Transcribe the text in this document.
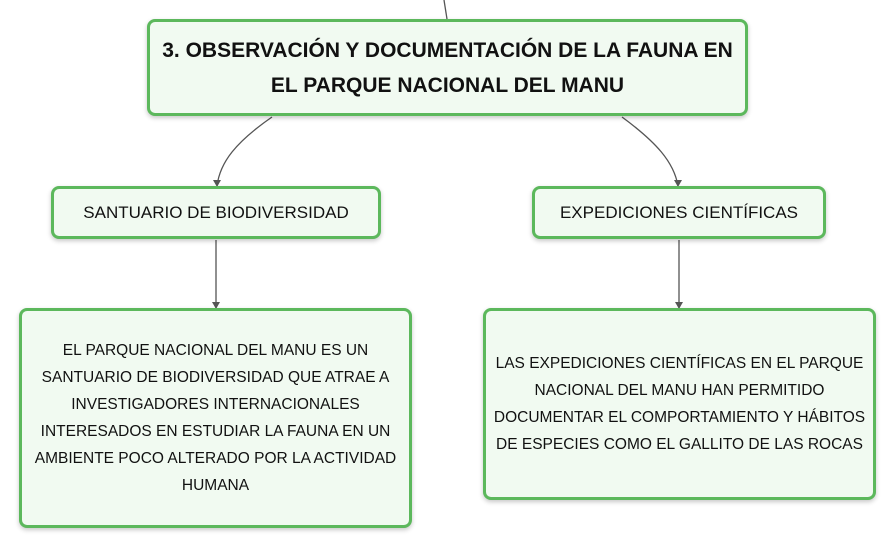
3. OBSERVACIÓN Y DOCUMENTACIÓN DE LA FAUNA EN EL PARQUE NACIONAL DEL MANU
SANTUARIO DE BIODIVERSIDAD	EXPEDICIONES CIENTÍFICAS
EL PARQUE NACIONAL DEL MANU ES UN SANTUARIO DE BIODIVERSIDAD QUE ATRAE A INVESTIGADORES INTERNACIONALES INTERESADOS EN ESTUDIAR LA FAUNA EN UN AMBIENTE POCO ALTERADO POR LA ACTIVIDAD HUMANA
LAS EXPEDICIONES CIENTÍFICAS EN EL PARQUE NACIONAL DEL MANU HAN PERMITIDO DOCUMENTAR EL COMPORTAMIENTO Y HÁBITOS DE ESPECIES COMO EL GALLITO DE LAS ROCAS
